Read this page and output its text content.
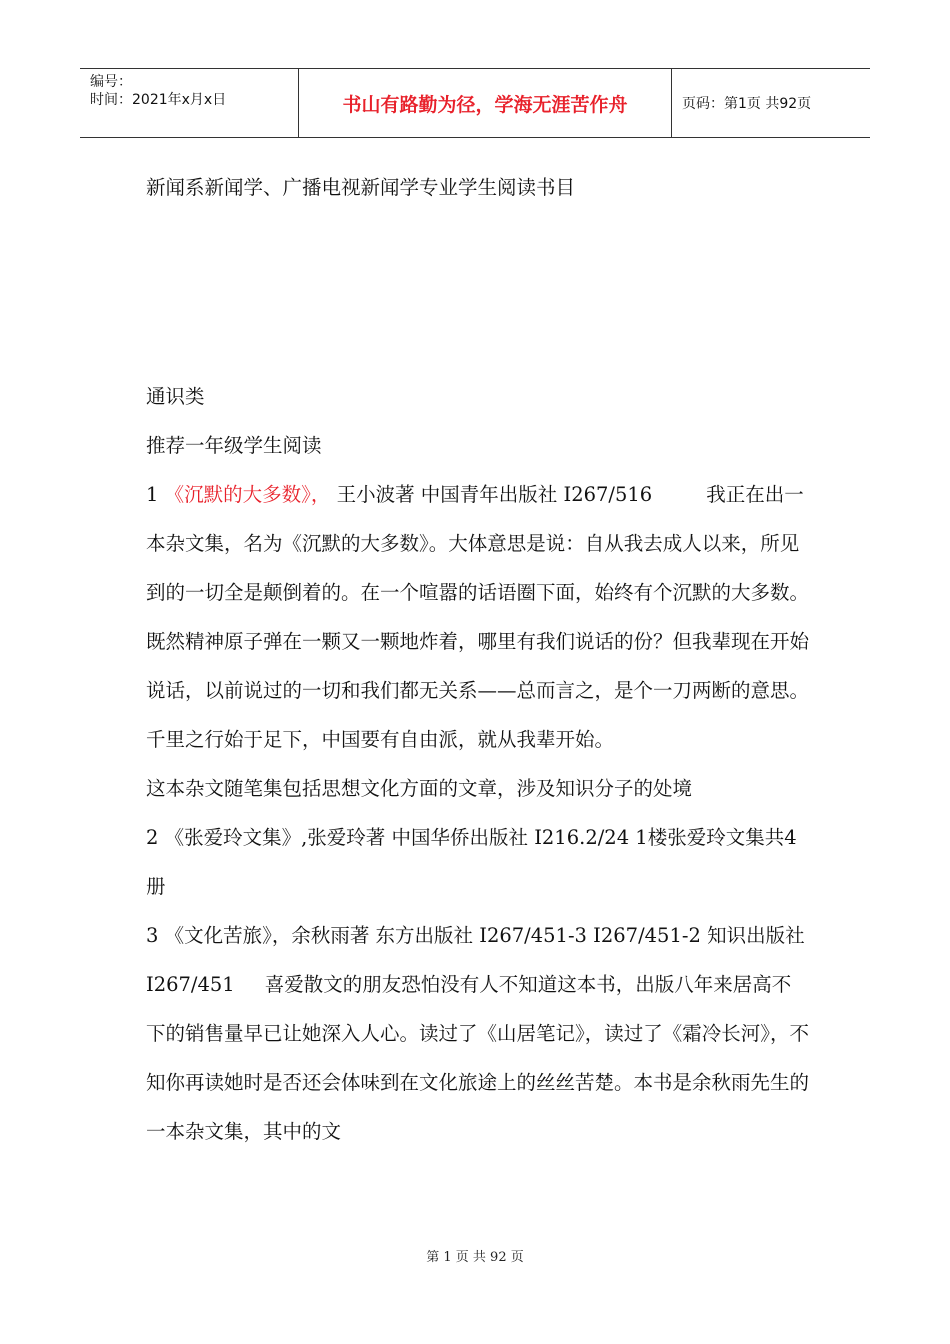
编号：
时间：2021年x月x日	书山有路勤为径，学海无涯苦作舟	页码：第1页 共92页
新闻系新闻学、广播电视新闻学专业学生阅读书目

通识类

推荐一年级学生阅读

1 《沉默的大多数》， 王小波著 中国青年出版社 I267/516	我正在出一本杂文集，名为《沉默的大多数》。大体意思是说：自从我去成人以来，所见到的一切全是颠倒着的。在一个喧嚣的话语圈下面，始终有个沉默的大多数。既然精神原子弹在一颗又一颗地炸着，哪里有我们说话的份？但我辈现在开始说话，以前说过的一切和我们都无关系——总而言之，是个一刀两断的意思。千里之行始于足下，中国要有自由派，就从我辈开始。

这本杂文随笔集包括思想文化方面的文章，涉及知识分子的处境

2 《张爱玲文集》,张爱玲著 中国华侨出版社 I216.2/24 1楼张爱玲文集共4册

3 《文化苦旅》，余秋雨著 东方出版社 I267/451-3 I267/451-2 知识出版社 I267/451 喜爱散文的朋友恐怕没有人不知道这本书，出版八年来居高不下的销售量早已让她深入人心。读过了《山居笔记》，读过了《霜冷长河》，不知你再读她时是否还会体味到在文化旅途上的丝丝苦楚。本书是余秋雨先生的一本杂文集，其中的文

第 1 页 共 92 页
